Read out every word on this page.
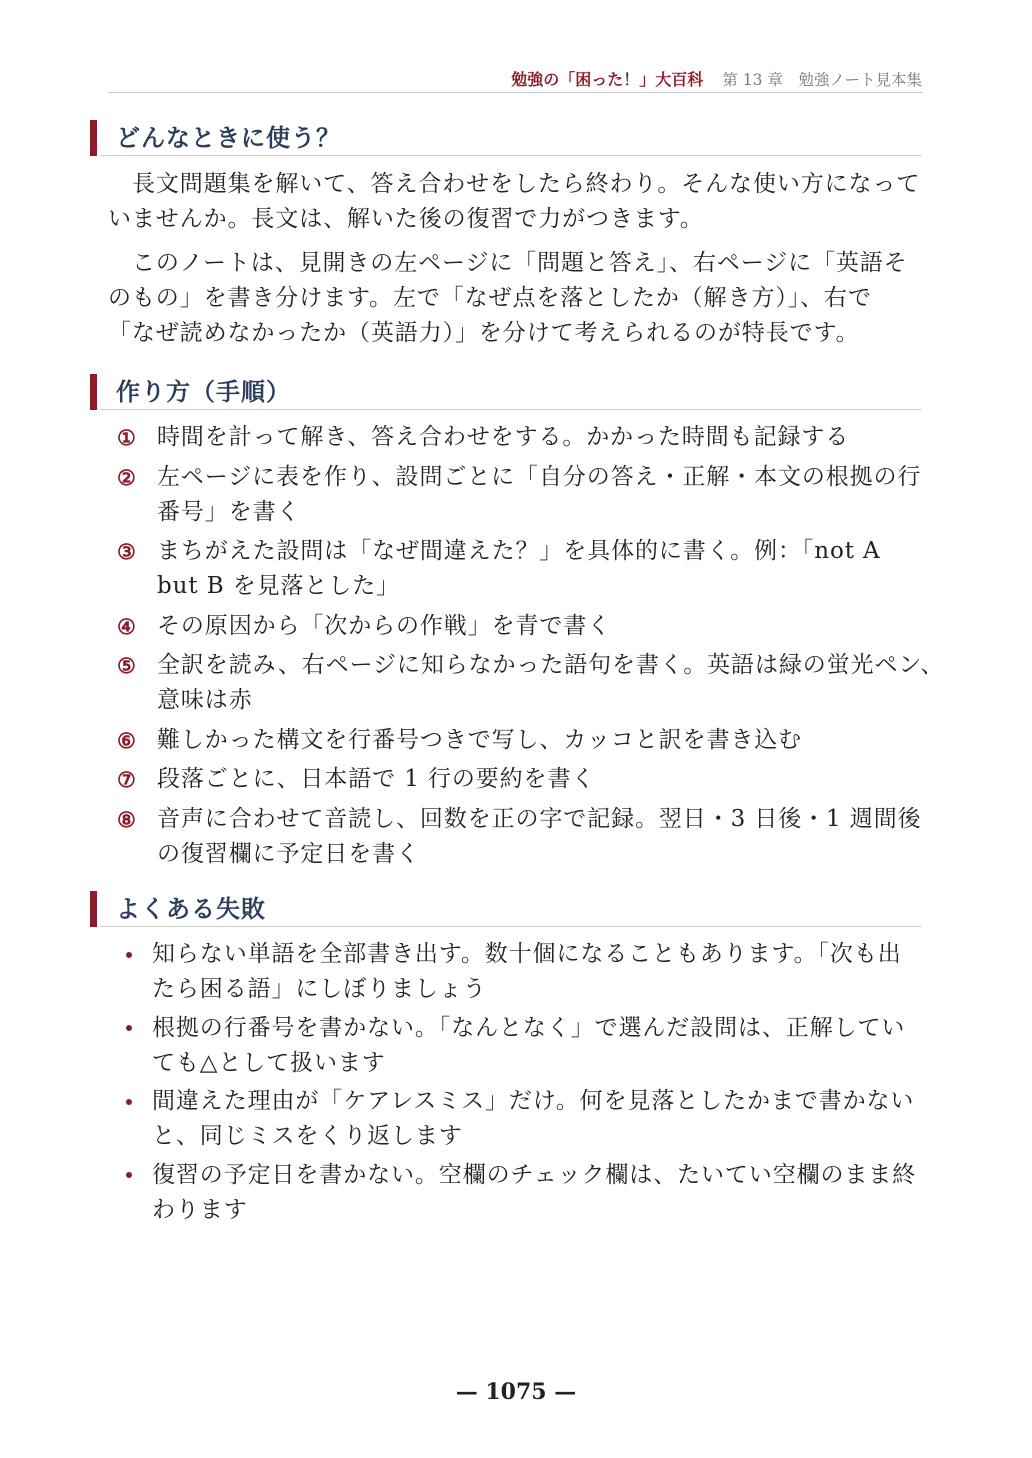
勉強の「困った！」大百科 第 13 章　勉強ノート見本集
どんなときに使う？

長文問題集を解いて、答え合わせをしたら終わり。そんな使い方になって
いませんか。長文は、解いた後の復習で力がつきます。

このノートは、見開きの左ページに「問題と答え」、右ページに「英語そ
のもの」を書き分けます。左で「なぜ点を落としたか（解き方）」、右で
「なぜ読めなかったか（英語力）」を分けて考えられるのが特長です。

作り方（手順）
① 時間を計って解き、答え合わせをする。かかった時間も記録する
② 左ページに表を作り、設問ごとに「自分の答え・正解・本文の根拠の行
番号」を書く
③ まちがえた設問は「なぜ間違えた？」を具体的に書く。例：「not A
but B を見落とした」
④ その原因から「次からの作戦」を青で書く
⑤ 全訳を読み、右ページに知らなかった語句を書く。英語は緑の蛍光ペン、
意味は赤
⑥ 難しかった構文を行番号つきで写し、カッコと訳を書き込む
⑦ 段落ごとに、日本語で 1 行の要約を書く
⑧ 音声に合わせて音読し、回数を正の字で記録。翌日・3 日後・1 週間後
の復習欄に予定日を書く
よくある失敗
知らない単語を全部書き出す。数十個になることもあります。「次も出
たら困る語」にしぼりましょう
根拠の行番号を書かない。「なんとなく」で選んだ設問は、正解してい
ても△として扱います
間違えた理由が「ケアレスミス」だけ。何を見落としたかまで書かない
と、同じミスをくり返します
復習の予定日を書かない。空欄のチェック欄は、たいてい空欄のまま終
わります
— 1075 —
